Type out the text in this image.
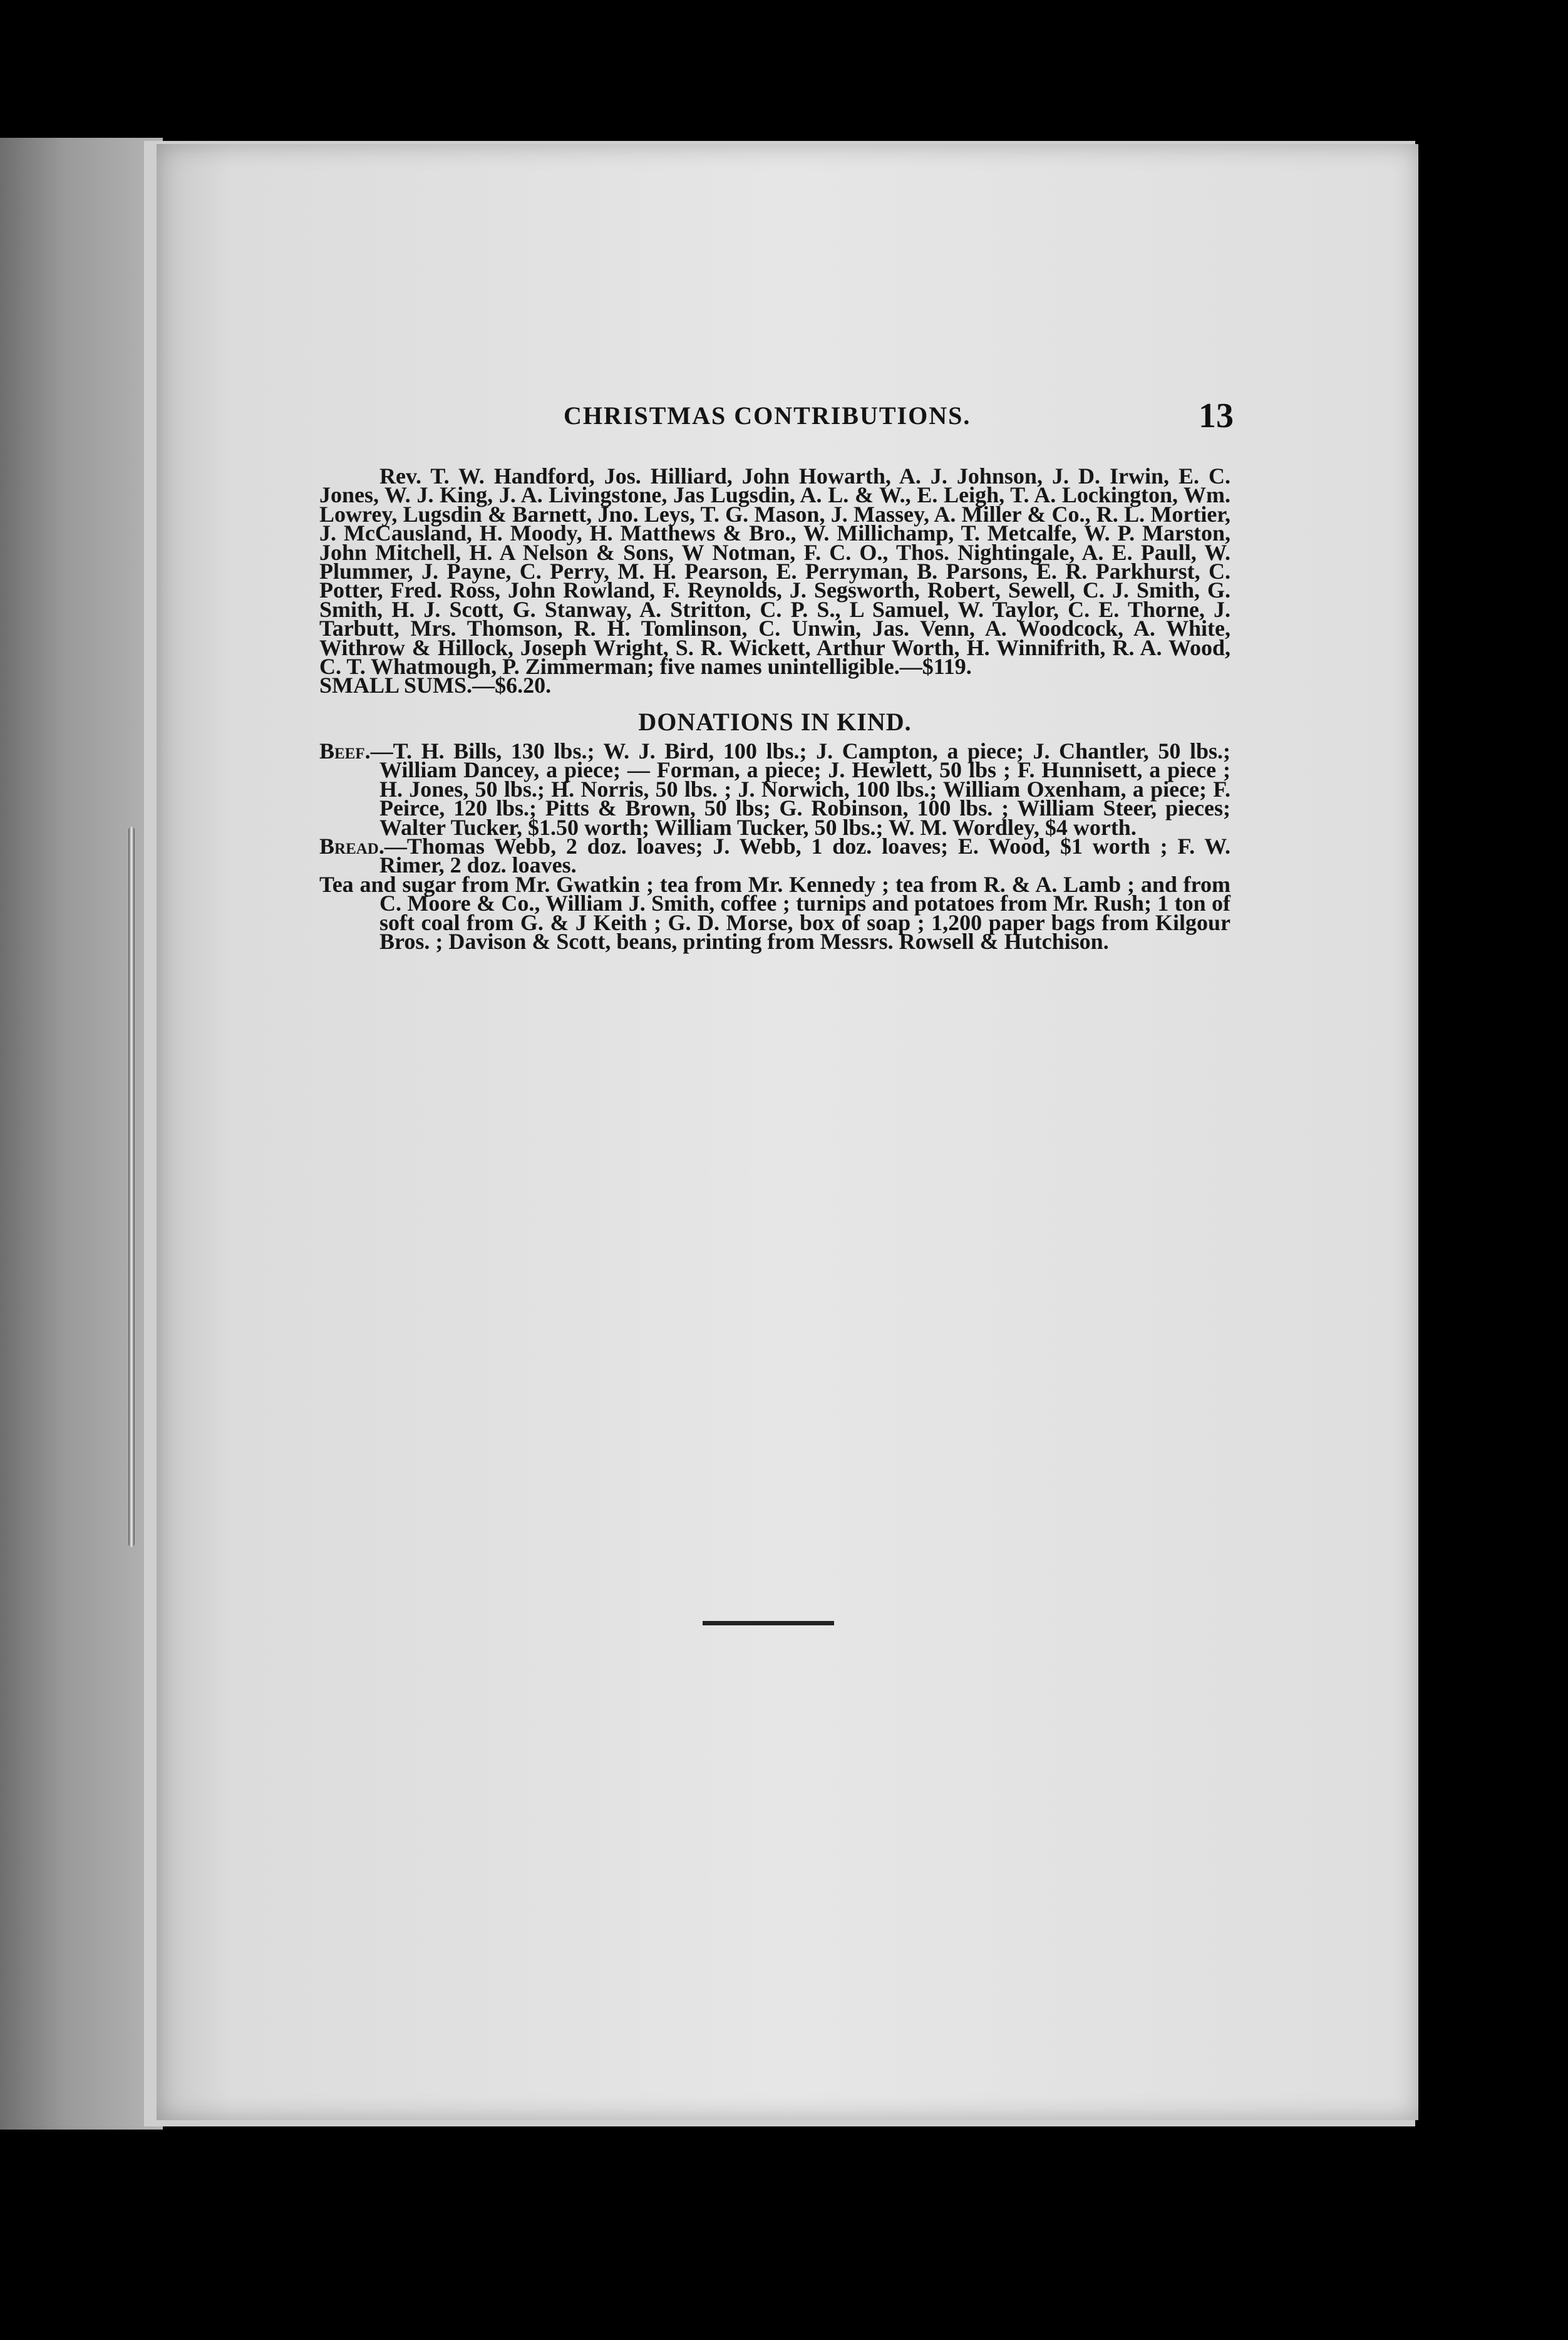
CHRISTMAS CONTRIBUTIONS.	13

Rev. T. W. Handford, Jos. Hilliard, John Howarth, A. J. Johnson, J. D. Irwin, E. C. Jones, W. J. King, J. A. Livingstone, Jas Lugsdin, A. L. & W., E. Leigh, T. A. Lockington, Wm. Lowrey, Lugsdin & Barnett, Jno. Leys, T. G. Mason, J. Massey, A. Miller & Co., R. L. Mortier, J. McCausland, H. Moody, H. Matthews & Bro., W. Millichamp, T. Metcalfe, W. P. Marston, John Mitchell, H. A Nelson & Sons, W Notman, F. C. O., Thos. Nightingale, A. E. Paull, W. Plummer, J. Payne, C. Perry, M. H. Pearson, E. Perryman, B. Parsons, E. R. Parkhurst, C. Potter, Fred. Ross, John Rowland, F. Reynolds, J. Segsworth, Robert, Sewell, C. J. Smith, G. Smith, H. J. Scott, G. Stanway, A. Stritton, C. P. S., L Samuel, W. Taylor, C. E. Thorne, J. Tarbutt, Mrs. Thomson, R. H. Tomlinson, C. Unwin, Jas. Venn, A. Woodcock, A. White, Withrow & Hillock, Joseph Wright, S. R. Wickett, Arthur Worth, H. Winnifrith, R. A. Wood, C. T. Whatmough, P. Zimmerman; five names unintelligible.—$119.

SMALL SUMS.—$6.20.

DONATIONS IN KIND.

Beef.—T. H. Bills, 130 lbs.; W. J. Bird, 100 lbs.; J. Campton, a piece; J. Chantler, 50 lbs.; William Dancey, a piece; — Forman, a piece; J. Hewlett, 50 lbs ; F. Hunnisett, a piece ; H. Jones, 50 lbs.; H. Norris, 50 lbs. ; J. Norwich, 100 lbs.; William Oxenham, a piece; F. Peirce, 120 lbs.; Pitts & Brown, 50 lbs; G. Robinson, 100 lbs. ; William Steer, pieces; Walter Tucker, $1.50 worth; William Tucker, 50 lbs.; W. M. Wordley, $4 worth.

Bread.—Thomas Webb, 2 doz. loaves; J. Webb, 1 doz. loaves; E. Wood, $1 worth ; F. W. Rimer, 2 doz. loaves.

Tea and sugar from Mr. Gwatkin ; tea from Mr. Kennedy ; tea from R. & A. Lamb ; and from C. Moore & Co., William J. Smith, coffee ; turnips and potatoes from Mr. Rush; 1 ton of soft coal from G. & J Keith ; G. D. Morse, box of soap ; 1,200 paper bags from Kilgour Bros. ; Davison & Scott, beans, printing from Messrs. Rowsell & Hutchison.
